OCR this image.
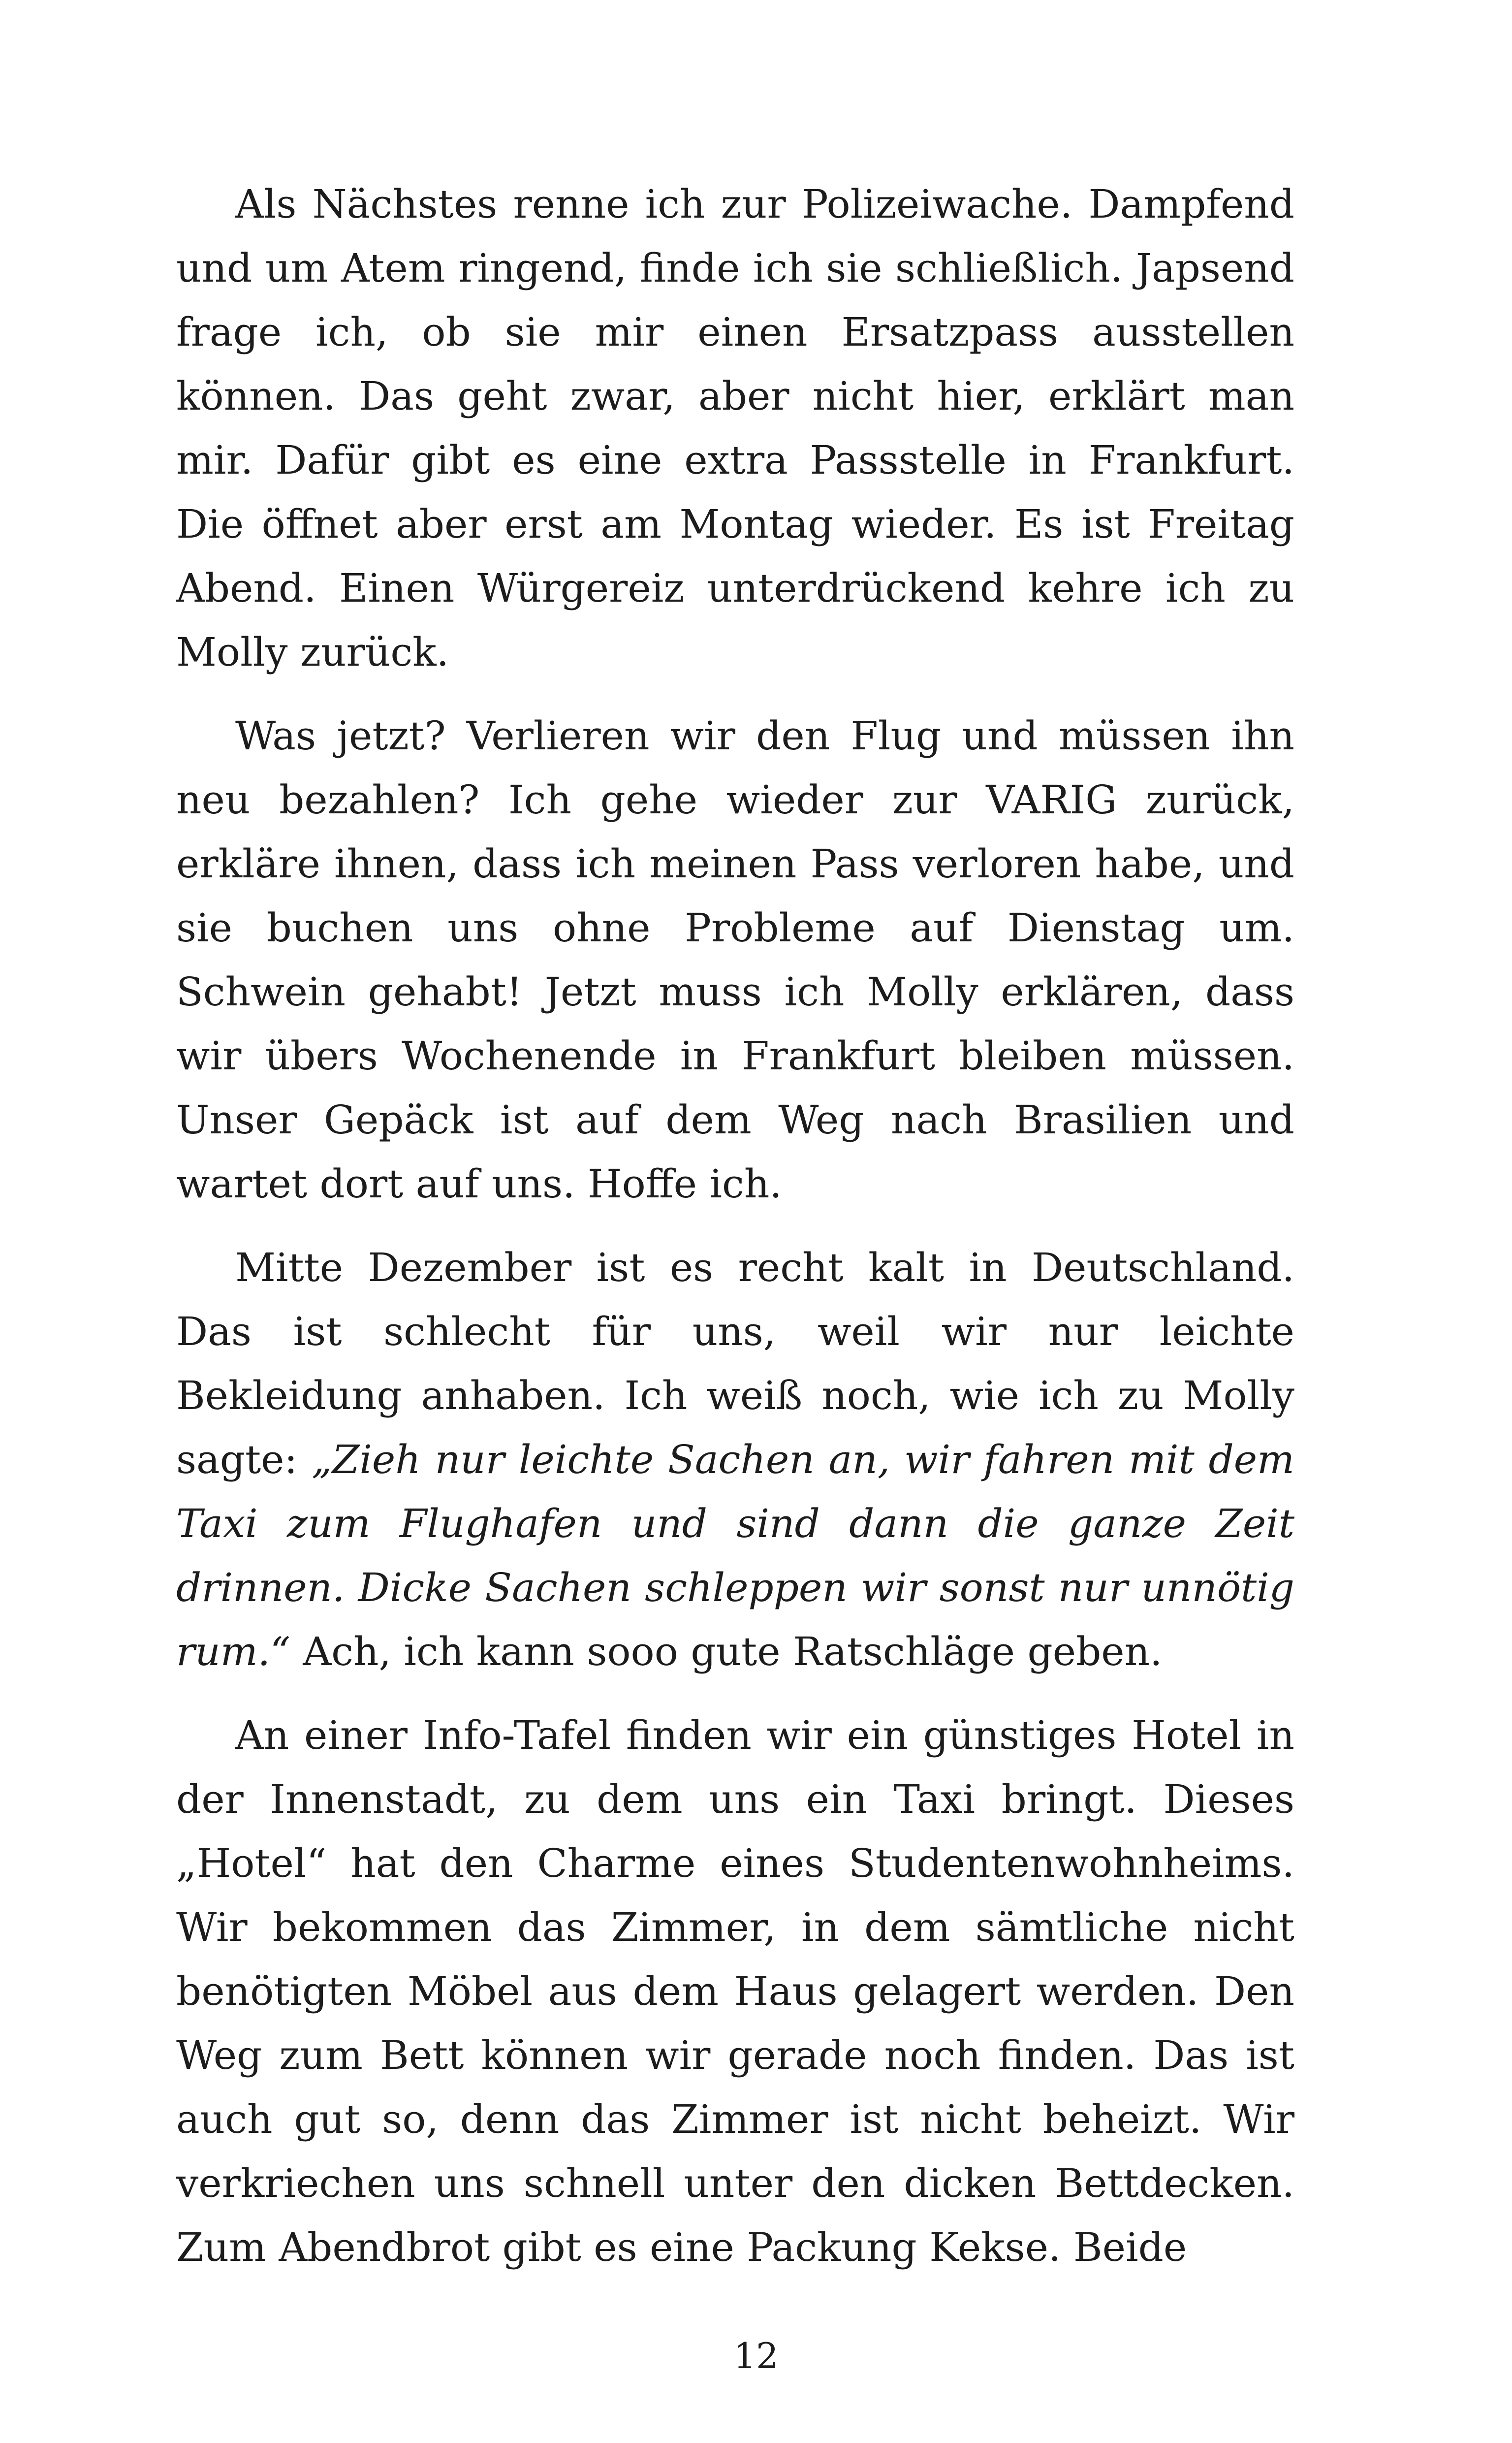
Als Nächstes renne ich zur Polizeiwache. Dampfend und um Atem ringend, finde ich sie schließlich. Japsend frage ich, ob sie mir einen Ersatzpass ausstellen können. Das geht zwar, aber nicht hier, erklärt man mir. Dafür gibt es eine extra Passstelle in Frankfurt. Die öffnet aber erst am Montag wieder. Es ist Freitag Abend. Einen Würgereiz unterdrückend kehre ich zu Molly zurück.

Was jetzt? Verlieren wir den Flug und müssen ihn neu bezahlen? Ich gehe wieder zur VARIG zurück, erkläre ihnen, dass ich meinen Pass verloren habe, und sie buchen uns ohne Probleme auf Dienstag um. Schwein gehabt! Jetzt muss ich Molly erklären, dass wir übers Wochenende in Frankfurt bleiben müssen. Unser Gepäck ist auf dem Weg nach Brasilien und wartet dort auf uns. Hoffe ich.

Mitte Dezember ist es recht kalt in Deutschland. Das ist schlecht für uns, weil wir nur leichte Bekleidung anhaben. Ich weiß noch, wie ich zu Molly sagte: „Zieh nur leichte Sachen an, wir fahren mit dem Taxi zum Flughafen und sind dann die ganze Zeit drinnen. Dicke Sachen schleppen wir sonst nur unnötig rum.“ Ach, ich kann sooo gute Ratschläge geben.

An einer Info-Tafel finden wir ein günstiges Hotel in der Innenstadt, zu dem uns ein Taxi bringt. Dieses „Hotel“ hat den Charme eines Studentenwohnheims. Wir bekommen das Zimmer, in dem sämtliche nicht benötigten Möbel aus dem Haus gelagert werden. Den Weg zum Bett können wir gerade noch finden. Das ist auch gut so, denn das Zimmer ist nicht beheizt. Wir verkriechen uns schnell unter den dicken Bettdecken. Zum Abendbrot gibt es eine Packung Kekse. Beide

12
